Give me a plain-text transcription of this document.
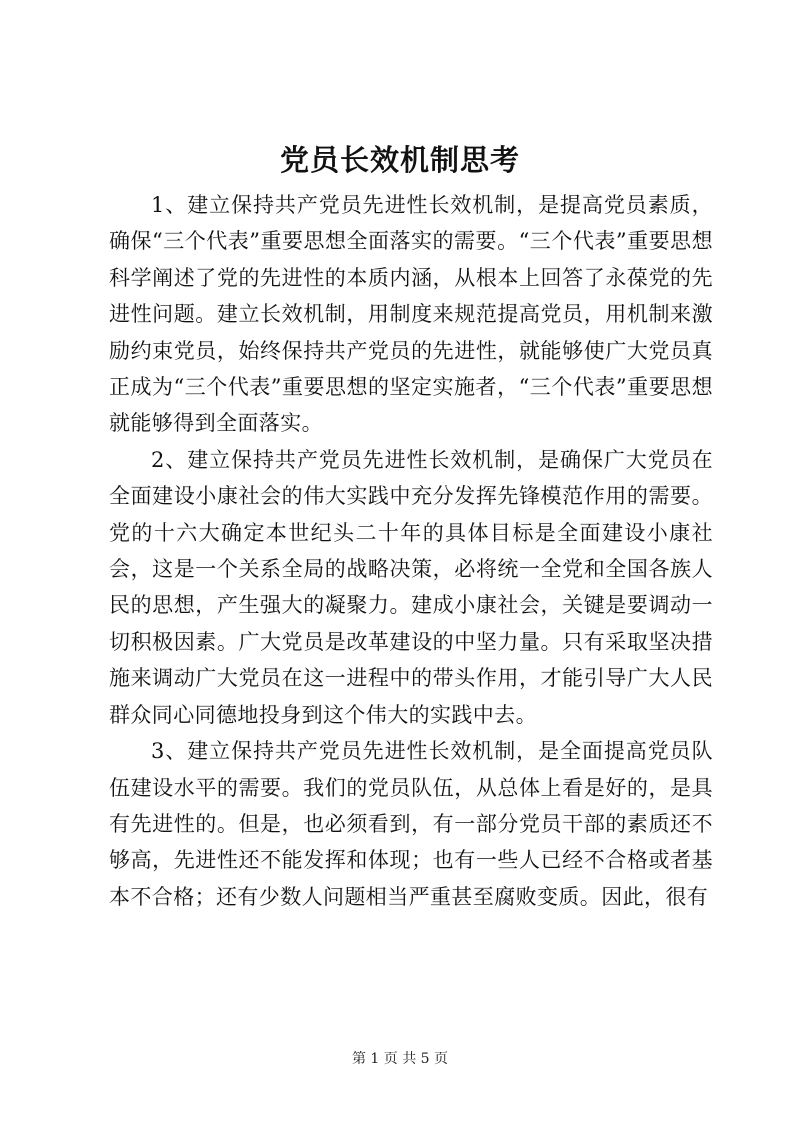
党员长效机制思考

1、建立保持共产党员先进性长效机制，是提高党员素质，确保“三个代表”重要思想全面落实的需要。“三个代表”重要思想科学阐述了党的先进性的本质内涵，从根本上回答了永葆党的先进性问题。建立长效机制，用制度来规范提高党员，用机制来激励约束党员，始终保持共产党员的先进性，就能够使广大党员真正成为“三个代表”重要思想的坚定实施者，“三个代表”重要思想就能够得到全面落实。

2、建立保持共产党员先进性长效机制，是确保广大党员在全面建设小康社会的伟大实践中充分发挥先锋模范作用的需要。党的十六大确定本世纪头二十年的具体目标是全面建设小康社会，这是一个关系全局的战略决策，必将统一全党和全国各族人民的思想，产生强大的凝聚力。建成小康社会，关键是要调动一切积极因素。广大党员是改革建设的中坚力量。只有采取坚决措施来调动广大党员在这一进程中的带头作用，才能引导广大人民群众同心同德地投身到这个伟大的实践中去。

3、建立保持共产党员先进性长效机制，是全面提高党员队伍建设水平的需要。我们的党员队伍，从总体上看是好的，是具有先进性的。但是，也必须看到，有一部分党员干部的素质还不够高，先进性还不能发挥和体现；也有一些人已经不合格或者基本不合格；还有少数人问题相当严重甚至腐败变质。因此，很有

第 1 页 共 5 页
